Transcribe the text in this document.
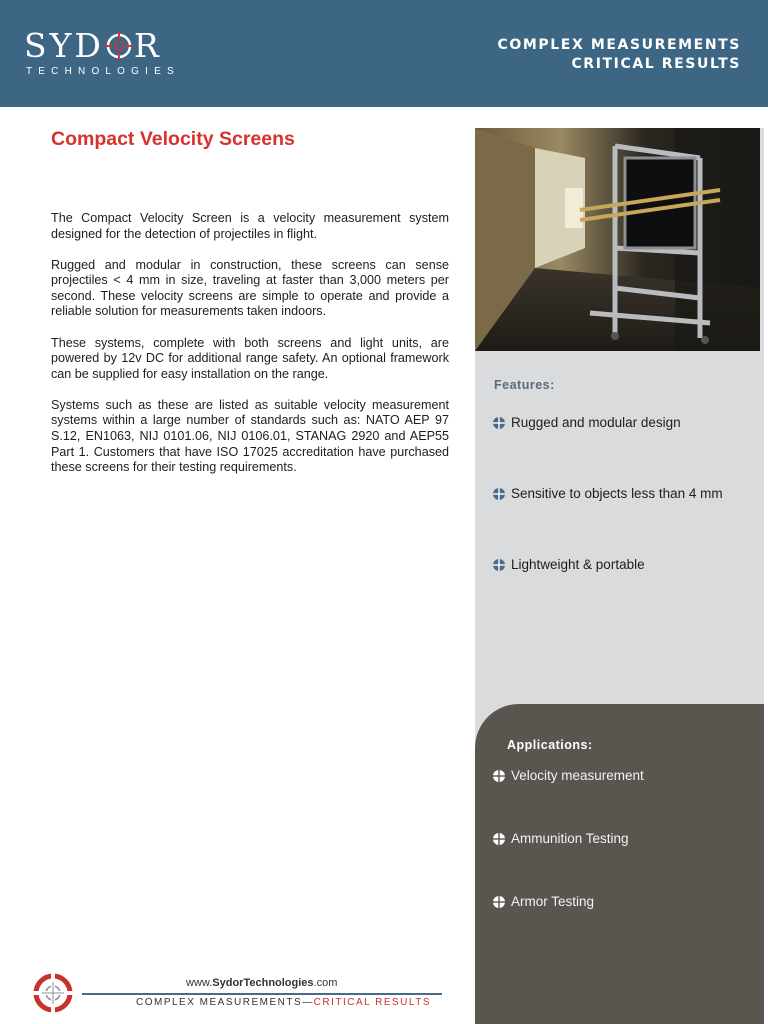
SYD R
TECHNOLOGIES
COMPLEX MEASUREMENTS
CRITICAL RESULTS
Compact Velocity Screens

The Compact Velocity Screen is a velocity measurement system designed for the detection of projectiles in flight.

Rugged and modular in construction, these screens can sense projectiles < 4 mm in size, traveling at faster than 3,000 meters per second. These velocity screens are simple to operate and provide a reliable solution for measurements taken indoors.

These systems, complete with both screens and light units, are powered by 12v DC for additional range safety. An optional framework can be supplied for easy installation on the range.

Systems such as these are listed as suitable velocity measurement systems within a large number of standards such as: NATO AEP 97 S.12, EN1063, NIJ 0101.06, NIJ 0106.01, STANAG 2920 and AEP55 Part 1. Customers that have ISO 17025 accreditation have purchased these screens for their testing requirements.

Features:
Rugged and modular design
Sensitive to objects less than 4 mm
Lightweight & portable
Applications:
Velocity measurement
Ammunition Testing
Armor Testing
www.SydorTechnologies.com
COMPLEX MEASUREMENTS—CRITICAL RESULTS
